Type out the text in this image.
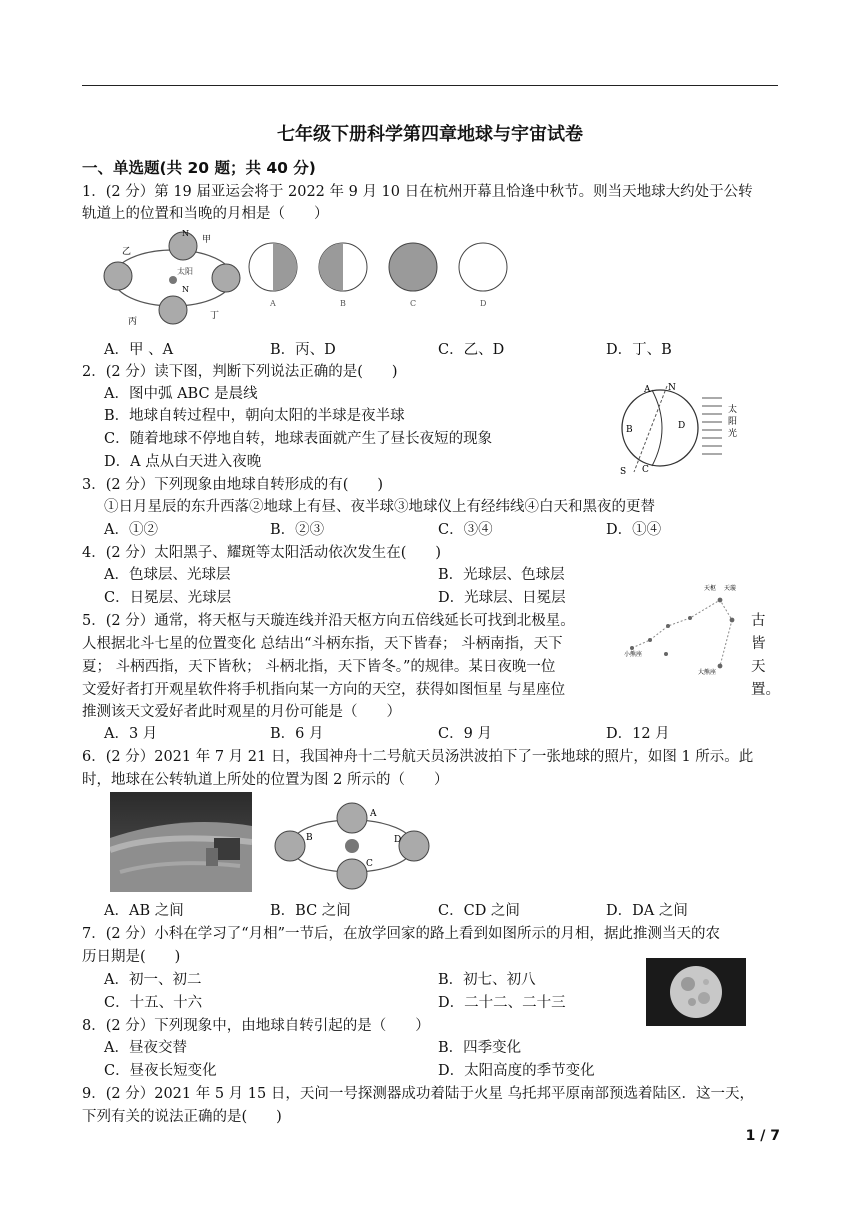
七年级下册科学第四章地球与宇宙试卷
一、单选题(共 20 题；共 40 分)
1．(2 分）第 19 届亚运会将于 2022 年 9 月 10 日在杭州开幕且恰逢中秋节。则当天地球大约处于公转
轨道上的位置和当晚的月相是（　　）
太阳
甲
乙
丙
丁
N
N
A	B	C	D
A．甲 、A	B．丙、D	C．乙、D	D．丁、B
2．(2 分）读下图，判断下列说法正确的是(　　)
A．图中弧 ABC 是晨线
B．地球自转过程中，朝向太阳的半球是夜半球
C．随着地球不停地自转，地球表面就产生了昼长夜短的现象
D．A 点从白天进入夜晚
A N
B	D
S C
太
阳
光
3．(2 分）下列现象由地球自转形成的有(　　)
①日月星辰的东升西落②地球上有昼、夜半球③地球仪上有经纬线④白天和黑夜的更替
A．①②	B．②③	C．③④	D．①④
4．(2 分）太阳黑子、耀斑等太阳活动依次发生在(　　)
A．色球层、光球层	B．光球层、色球层
C．日冕层、光球层	D．光球层、日冕层
5．(2 分）通常，将天枢与天璇连线并沿天枢方向五倍线延长可找到北极星。
人根据北斗七星的位置变化 总结出“斗柄东指，天下皆春； 斗柄南指，天下
夏； 斗柄西指，天下皆秋； 斗柄北指，天下皆冬。”的规律。某日夜晚一位
文爱好者打开观星软件将手机指向某一方向的天空，获得如图恒星 与星座位
推测该天文爱好者此时观星的月份可能是（　　）
古
皆
天
置。
天枢 天璇
小熊座
大熊座
A．3 月	B．6 月	C．9 月	D．12 月
6．(2 分）2021 年 7 月 21 日，我国神舟十二号航天员汤洪波拍下了一张地球的照片，如图 1 所示。此
时，地球在公转轨道上所处的位置为图 2 所示的（　　）
A
B
C
D
A．AB 之间	B．BC 之间	C．CD 之间	D．DA 之间
7．(2 分）小科在学习了“月相”一节后，在放学回家的路上看到如图所示的月相，据此推测当天的农
历日期是(　　)
A．初一、初二	B．初七、初八
C．十五、十六	D．二十二、二十三
8．(2 分）下列现象中，由地球自转引起的是（　　）
A．昼夜交替	B．四季变化
C．昼夜长短变化	D．太阳高度的季节变化
9．(2 分）2021 年 5 月 15 日，天问一号探测器成功着陆于火星 乌托邦平原南部预选着陆区．这一天，
下列有关的说法正确的是(　　)
1 / 7
